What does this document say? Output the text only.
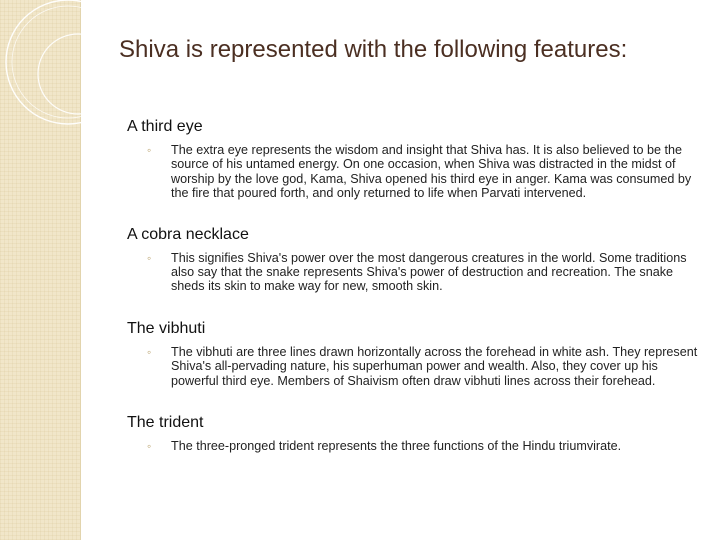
Shiva is represented with the following features:
A third eye
◦ The extra eye represents the wisdom and insight that Shiva has. It is also believed to be the source of his untamed energy. On one occasion, when Shiva was distracted in the midst of worship by the love god, Kama, Shiva opened his third eye in anger. Kama was consumed by the fire that poured forth, and only returned to life when Parvati intervened.
A cobra necklace
◦ This signifies Shiva's power over the most dangerous creatures in the world. Some traditions also say that the snake represents Shiva's power of destruction and recreation. The snake sheds its skin to make way for new, smooth skin.
The vibhuti
◦ The vibhuti are three lines drawn horizontally across the forehead in white ash. They represent Shiva's all-pervading nature, his superhuman power and wealth. Also, they cover up his powerful third eye. Members of Shaivism often draw vibhuti lines across their forehead.
The trident
◦ The three-pronged trident represents the three functions of the Hindu triumvirate.
